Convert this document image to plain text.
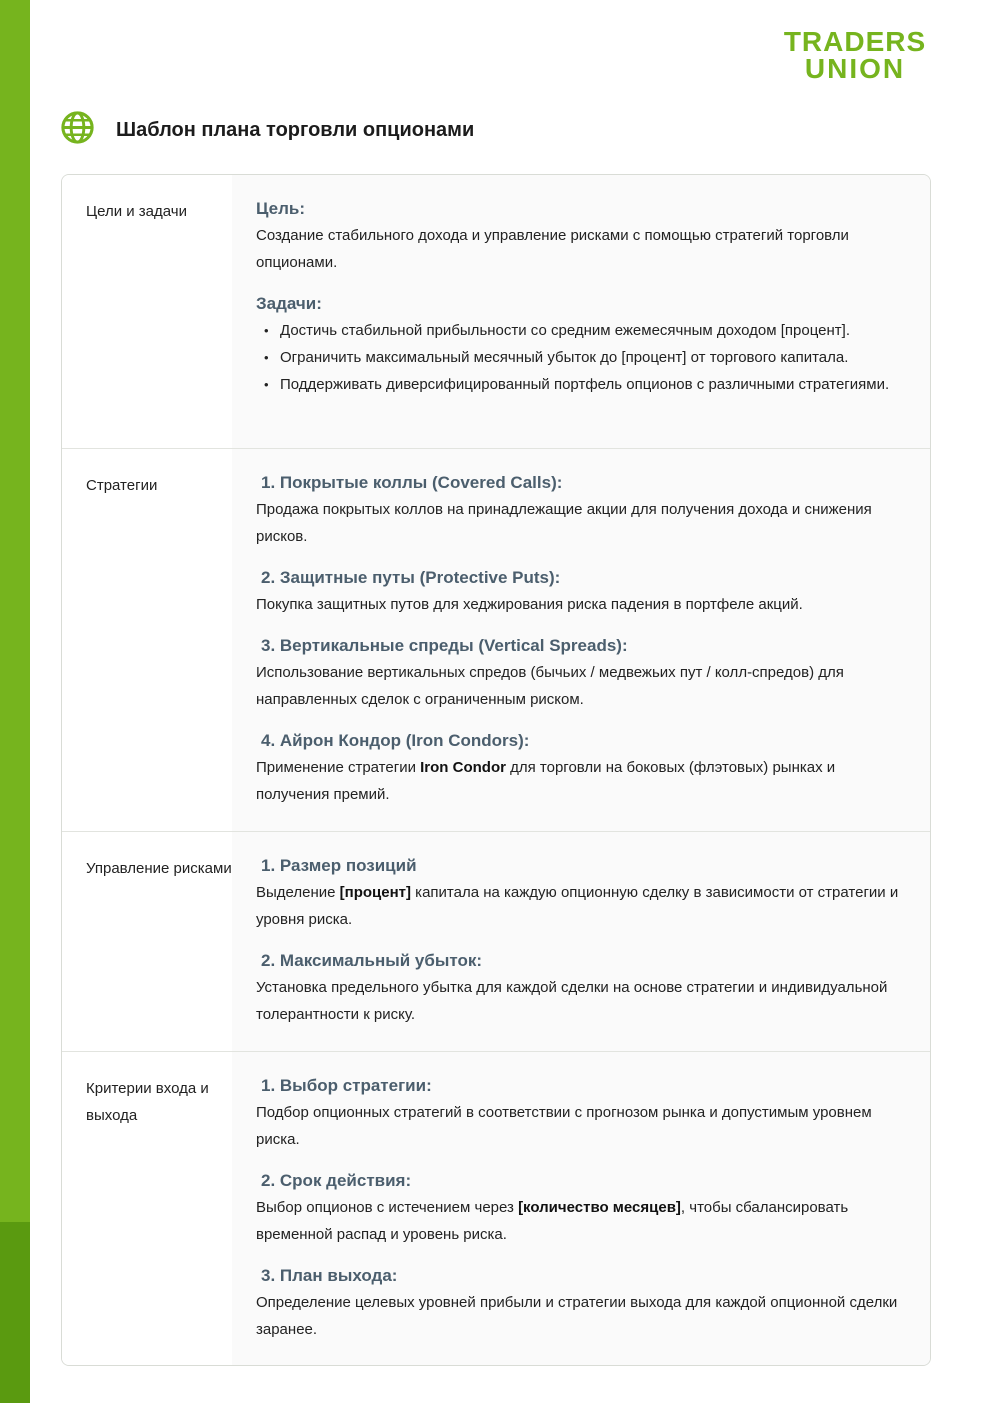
TRADERS
UNION
Шаблон плана торговли опционами
Цели и задачи	Цель:
Создание стабильного дохода и управление рисками с помощью стратегий торговли опционами.
Задачи:
• Достичь стабильной прибыльности со средним ежемесячным доходом [процент].
• Ограничить максимальный месячный убыток до [процент] от торгового капитала.
• Поддерживать диверсифицированный портфель опционов с различными стратегиями.
Стратегии	1. Покрытые коллы (Covered Calls):
Продажа покрытых коллов на принадлежащие акции для получения дохода и снижения рисков.
2. Защитные путы (Protective Puts):
Покупка защитных путов для хеджирования риска падения в портфеле акций.
3. Вертикальные спреды (Vertical Spreads):
Использование вертикальных спредов (бычьих / медвежьих пут / колл-спредов) для направленных сделок с ограниченным риском.
4. Айрон Кондор (Iron Condors):
Применение стратегии Iron Condor для торговли на боковых (флэтовых) рынках и получения премий.
Управление рисками 1. Размер позиций
Выделение [процент] капитала на каждую опционную сделку в зависимости от стратегии и уровня риска.
2. Максимальный убыток:
Установка предельного убытка для каждой сделки на основе стратегии и индивидуальной толерантности к риску.
Критерии входа и выхода
1. Выбор стратегии:
Подбор опционных стратегий в соответствии с прогнозом рынка и допустимым уровнем риска.
2. Срок действия:
Выбор опционов с истечением через [количество месяцев], чтобы сбалансировать временной распад и уровень риска.
3. План выхода:
Определение целевых уровней прибыли и стратегии выхода для каждой опционной сделки заранее.
